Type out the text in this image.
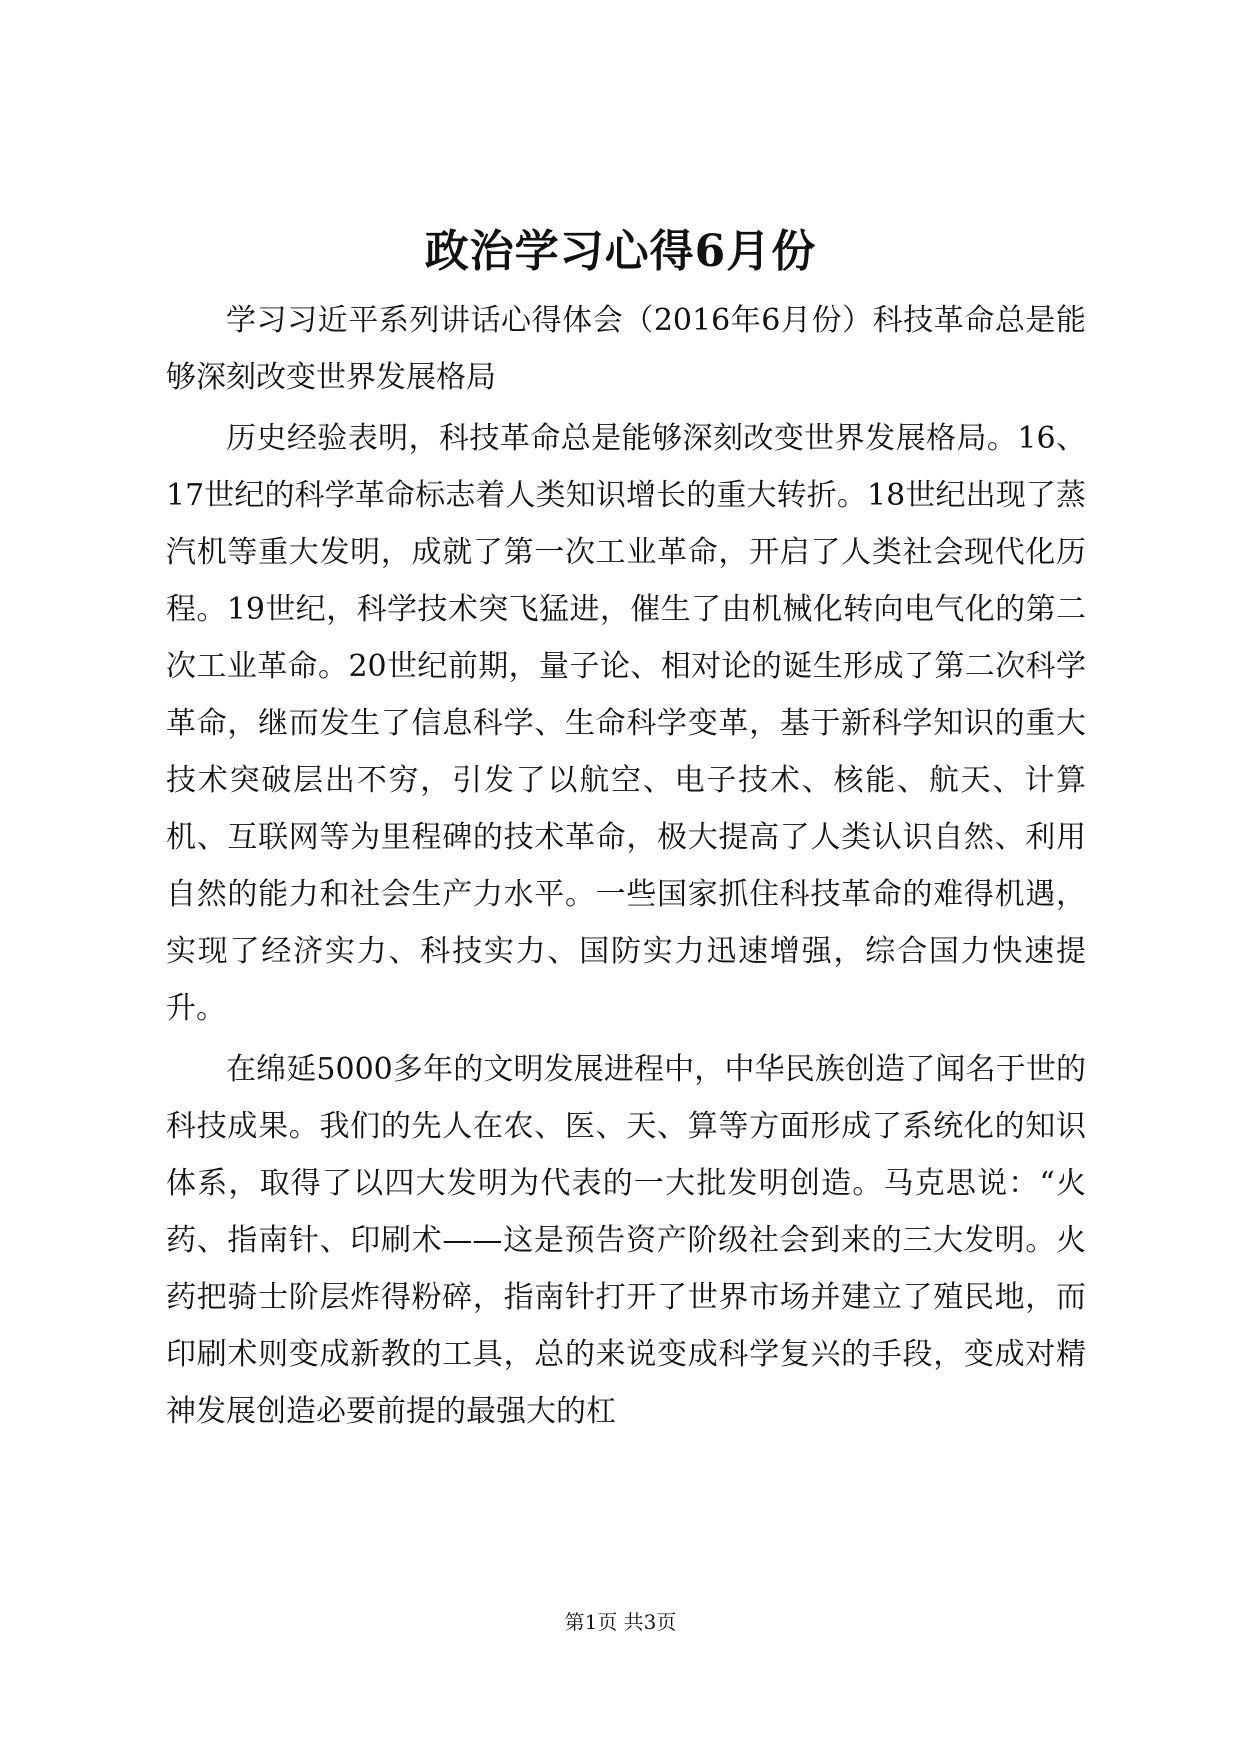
政治学习心得6月份

学习习近平系列讲话心得体会（2016年6月份）科技革命总是能够深刻改变世界发展格局

历史经验表明，科技革命总是能够深刻改变世界发展格局。16、17世纪的科学革命标志着人类知识增长的重大转折。18世纪出现了蒸汽机等重大发明，成就了第一次工业革命，开启了人类社会现代化历程。19世纪，科学技术突飞猛进，催生了由机械化转向电气化的第二次工业革命。20世纪前期，量子论、相对论的诞生形成了第二次科学革命，继而发生了信息科学、生命科学变革，基于新科学知识的重大技术突破层出不穷，引发了以航空、电子技术、核能、航天、计算机、互联网等为里程碑的技术革命，极大提高了人类认识自然、利用自然的能力和社会生产力水平。一些国家抓住科技革命的难得机遇，实现了经济实力、科技实力、国防实力迅速增强，综合国力快速提升。

在绵延5000多年的文明发展进程中，中华民族创造了闻名于世的科技成果。我们的先人在农、医、天、算等方面形成了系统化的知识体系，取得了以四大发明为代表的一大批发明创造。马克思说：“火药、指南针、印刷术——这是预告资产阶级社会到来的三大发明。火药把骑士阶层炸得粉碎，指南针打开了世界市场并建立了殖民地，而印刷术则变成新教的工具，总的来说变成科学复兴的手段，变成对精神发展创造必要前提的最强大的杠

第1页 共3页
